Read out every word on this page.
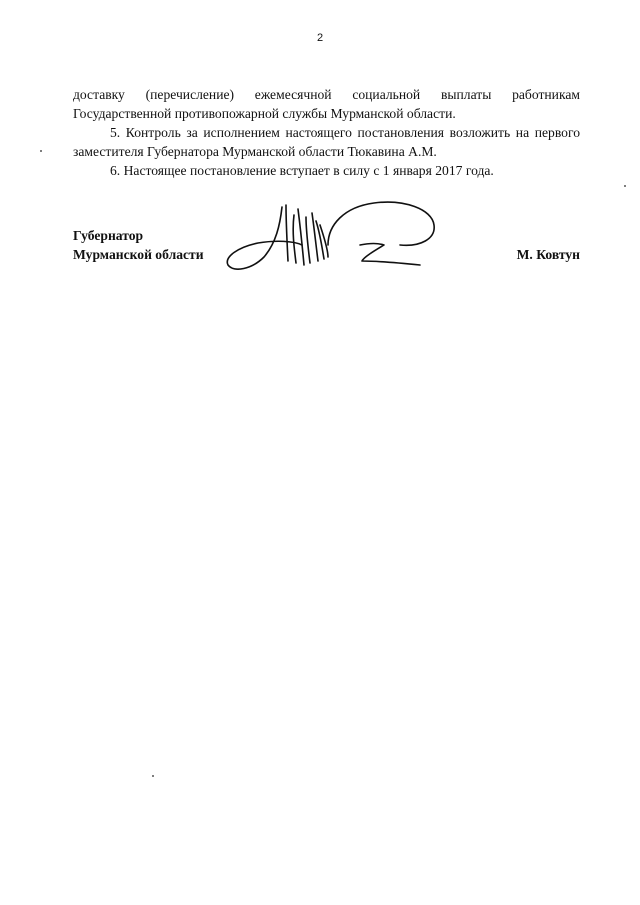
2

доставку (перечисление) ежемесячной социальной выплаты работникам Государственной противопожарной службы Мурманской области.

5. Контроль за исполнением настоящего постановления возложить на первого заместителя Губернатора Мурманской области Тюкавина А.М.

6. Настоящее постановление вступает в силу с 1 января 2017 года.

Губернатор
Мурманской области	М. Ковтун
